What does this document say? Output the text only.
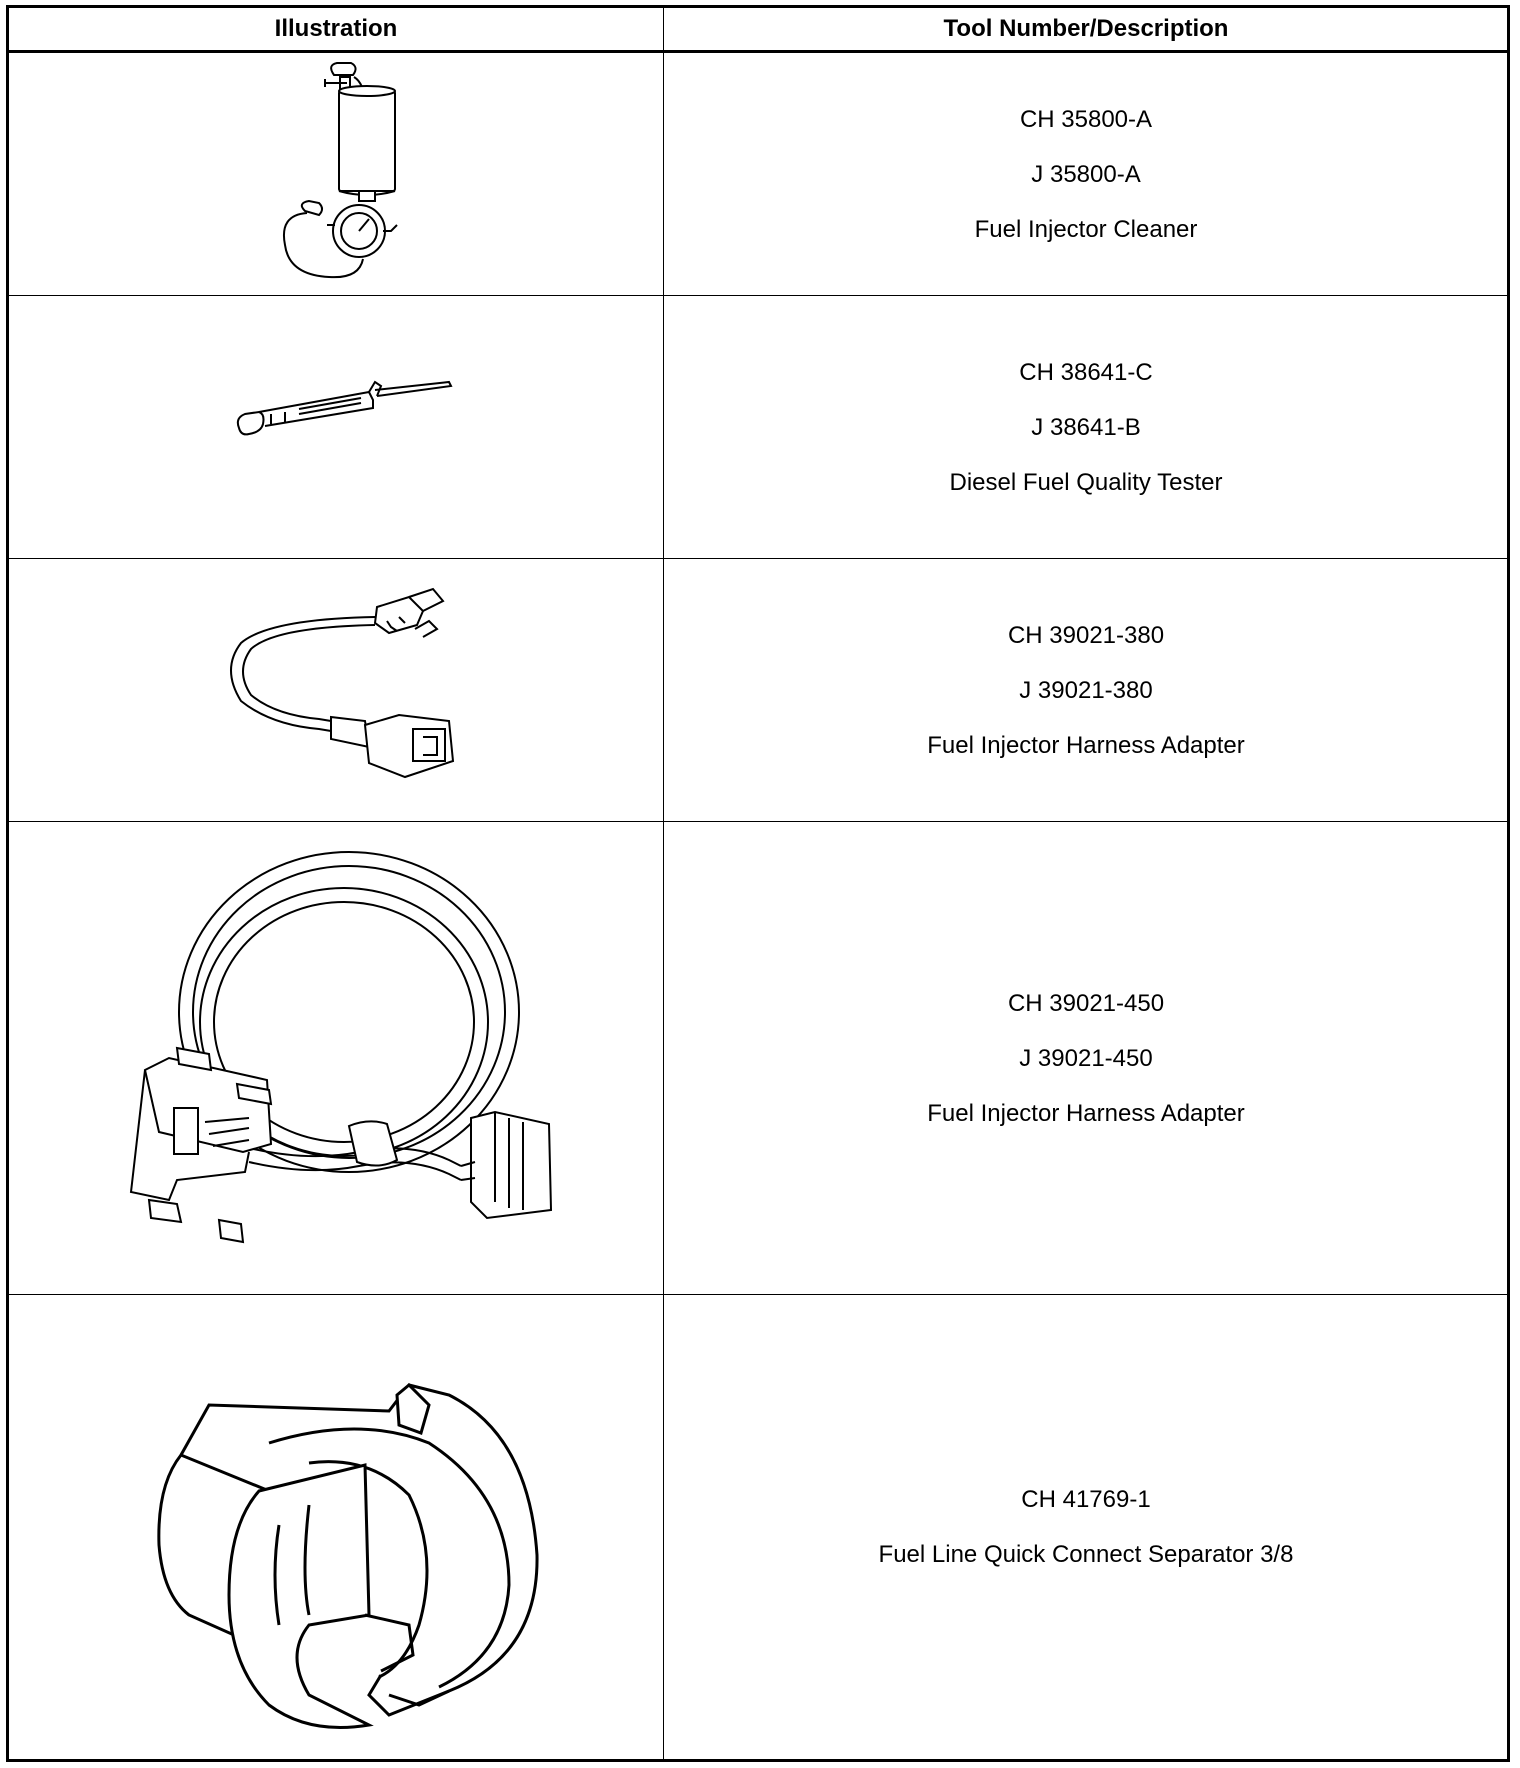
Illustration	Tool Number/Description
CH 35800-A
J 35800-A
Fuel Injector Cleaner
CH 38641-C
J 38641-B
Diesel Fuel Quality Tester
CH 39021-380
J 39021-380
Fuel Injector Harness Adapter
CH 39021-450
J 39021-450
Fuel Injector Harness Adapter
CH 41769-1
Fuel Line Quick Connect Separator 3/8
